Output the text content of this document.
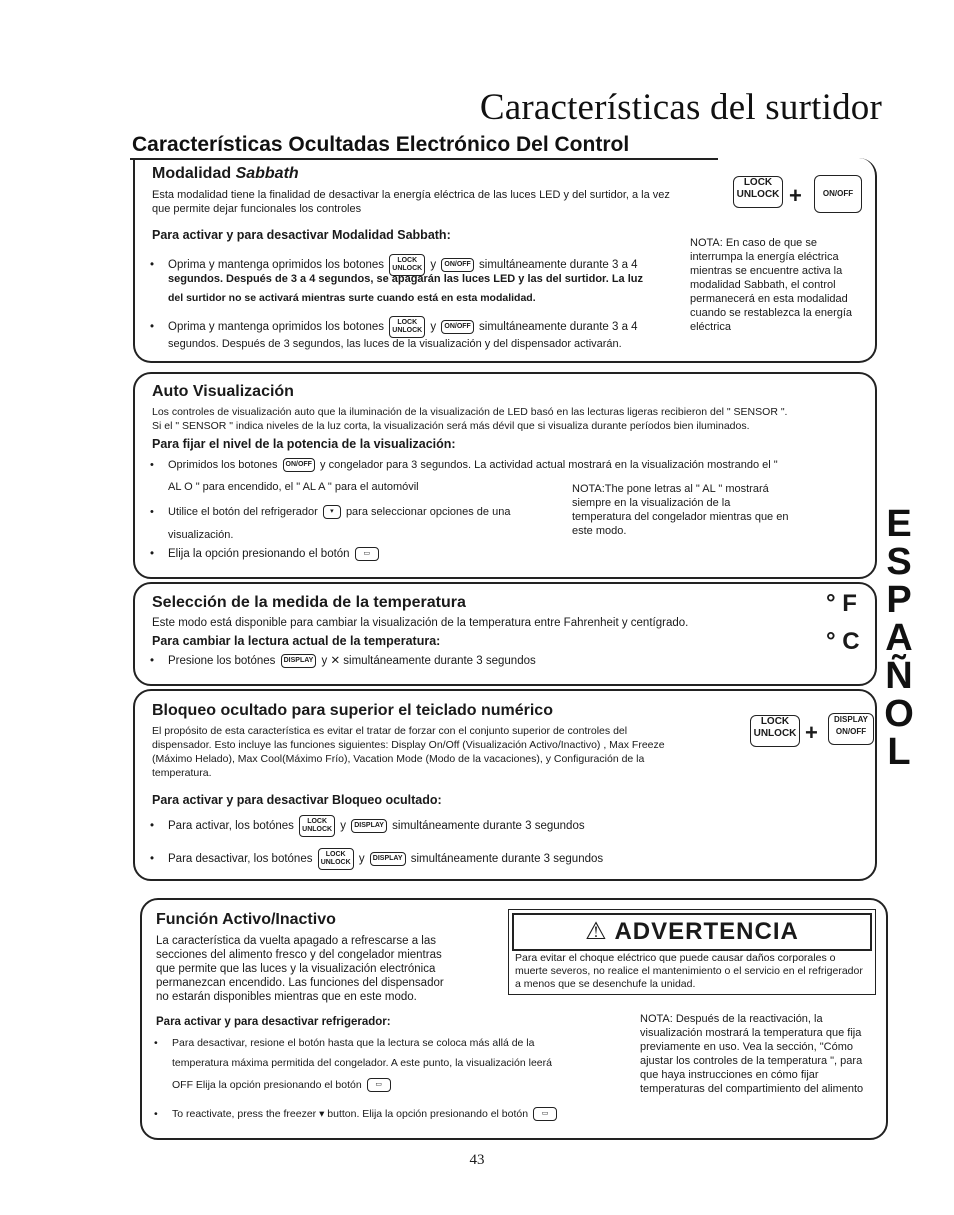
Características del surtidor
Características Ocultadas Electrónico Del Control
Modalidad Sabbath
Esta modalidad tiene la finalidad de desactivar la energía eléctrica de las luces LED y del surtidor, a la vez
que permite dejar funcionales los controles
LOCK
UNLOCK +	ON/OFF
Para activar y para desactivar Modalidad Sabbath:
• Oprima y mantenga oprimidos los botones LOCK
UNLOCK y ON/OFF simultáneamente durante 3 a 4
segundos. Después de 3 a 4 segundos, se apagarán las luces LED y las del surtidor. La luz
del surtidor no se activará mientras surte cuando está en esta modalidad.
• Oprima y mantenga oprimidos los botones LOCK
UNLOCK y ON/OFF simultáneamente durante 3 a 4
segundos. Después de 3 segundos, las luces de la visualización y del dispensador activarán.
NOTA: En caso de que se interrumpa la energía eléctrica mientras se encuentre activa la modalidad Sabbath, el control permanecerá en esta modalidad cuando se restablezca la energía eléctrica
Auto Visualización
Los controles de visualización auto que la iluminación de la visualización de LED basó en las lecturas ligeras recibieron del " SENSOR ".
Si el " SENSOR " indica niveles de la luz corta, la visualización será más dévil que si visualiza durante períodos bien iluminados.
Para fijar el nivel de la potencia de la visualización:
• Oprimidos los botones ON/OFF y congelador para 3 segundos. La actividad actual mostrará en la visualización mostrando el "
AL O " para encendido, el " AL A " para el automóvil
• Utilice el botón del refrigerador ▾ para seleccionar opciones de una
visualización.
• Elija la opción presionando el botón ▭
NOTA:The pone letras al " AL " mostrará siempre en la visualización de la temperatura del congelador mientras que en este modo.
Selección de la medida de la temperatura
Este modo está disponible para cambiar la visualización de la temperatura entre Fahrenheit y centígrado.
Para cambiar la lectura actual de la temperatura:
• Presione los botónes DISPLAY y ✕ simultáneamente durante 3 segundos
° F
° C
Bloqueo ocultado para superior el teiclado numérico
El propósito de esta característica es evitar el tratar de forzar con el conjunto superior de controles del
dispensador. Esto incluye las funciones siguientes: Display On/Off (Visualización Activo/Inactivo) , Max Freeze
(Máximo Helado), Max Cool(Máximo Frío), Vacation Mode (Modo de la vacaciones), y Configuración de la
temperatura.
LOCK
UNLOCK +
DISPLAY
ON/OFF
Para activar y para desactivar Bloqueo ocultado:
• Para activar, los botónes LOCK
UNLOCK y DISPLAY simultáneamente durante 3 segundos
• Para desactivar, los botónes LOCK
UNLOCK y DISPLAY simultáneamente durante 3 segundos
Función Activo/Inactivo
La característica da vuelta apagado a refrescarse a las
secciones del alimento fresco y del congelador mientras
que permite que las luces y la visualización electrónica
permanezcan encendido. Las funciones del dispensador
no estarán disponibles mientras que en este modo.
⚠ ADVERTENCIA
Para evitar el choque eléctrico que puede causar daños corporales o muerte severos, no realice el mantenimiento o el servicio en el refrigerador a menos que se desenchufe la unidad.
Para activar y para desactivar refrigerador:
• Para desactivar, resione el botón hasta que la lectura se coloca más allá de la
temperatura máxima permitida del congelador. A este punto, la visualización leerá
OFF Elija la opción presionando el botón ▭
• To reactivate, press the freezer ▾ button. Elija la opción presionando el botón ▭
NOTA: Después de la reactivación, la visualización mostrará la temperatura que fija previamente en uso. Vea la sección, "Cómo ajustar los controles de la temperatura ", para que haya instrucciones en cómo fijar temperaturas del compartimiento del alimento
E
S
P
A
Ñ
O
L
43
